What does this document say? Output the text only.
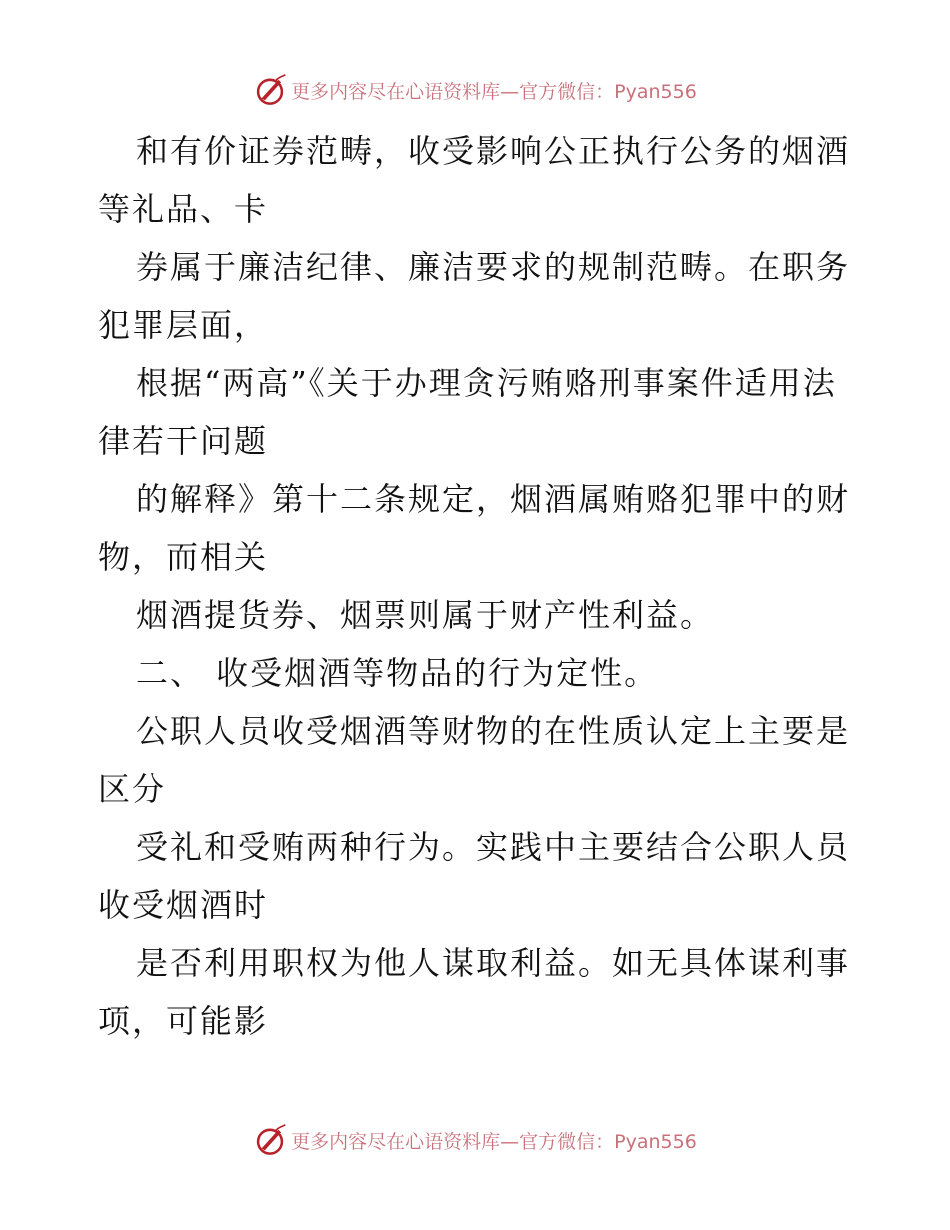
更多内容尽在心语资料库—官方微信：Pyan556

和有价证券范畴，收受影响公正执行公务的烟酒等礼品、卡

券属于廉洁纪律、廉洁要求的规制范畴。在职务犯罪层面，

根据“两高”《关于办理贪污贿赂刑事案件适用法律若干问题

的解释》第十二条规定，烟酒属贿赂犯罪中的财物，而相关

烟酒提货券、烟票则属于财产性利益。

二、 收受烟酒等物品的行为定性。

公职人员收受烟酒等财物的在性质认定上主要是区分

受礼和受贿两种行为。实践中主要结合公职人员收受烟酒时

是否利用职权为他人谋取利益。如无具体谋利事项，可能影

更多内容尽在心语资料库—官方微信：Pyan556
